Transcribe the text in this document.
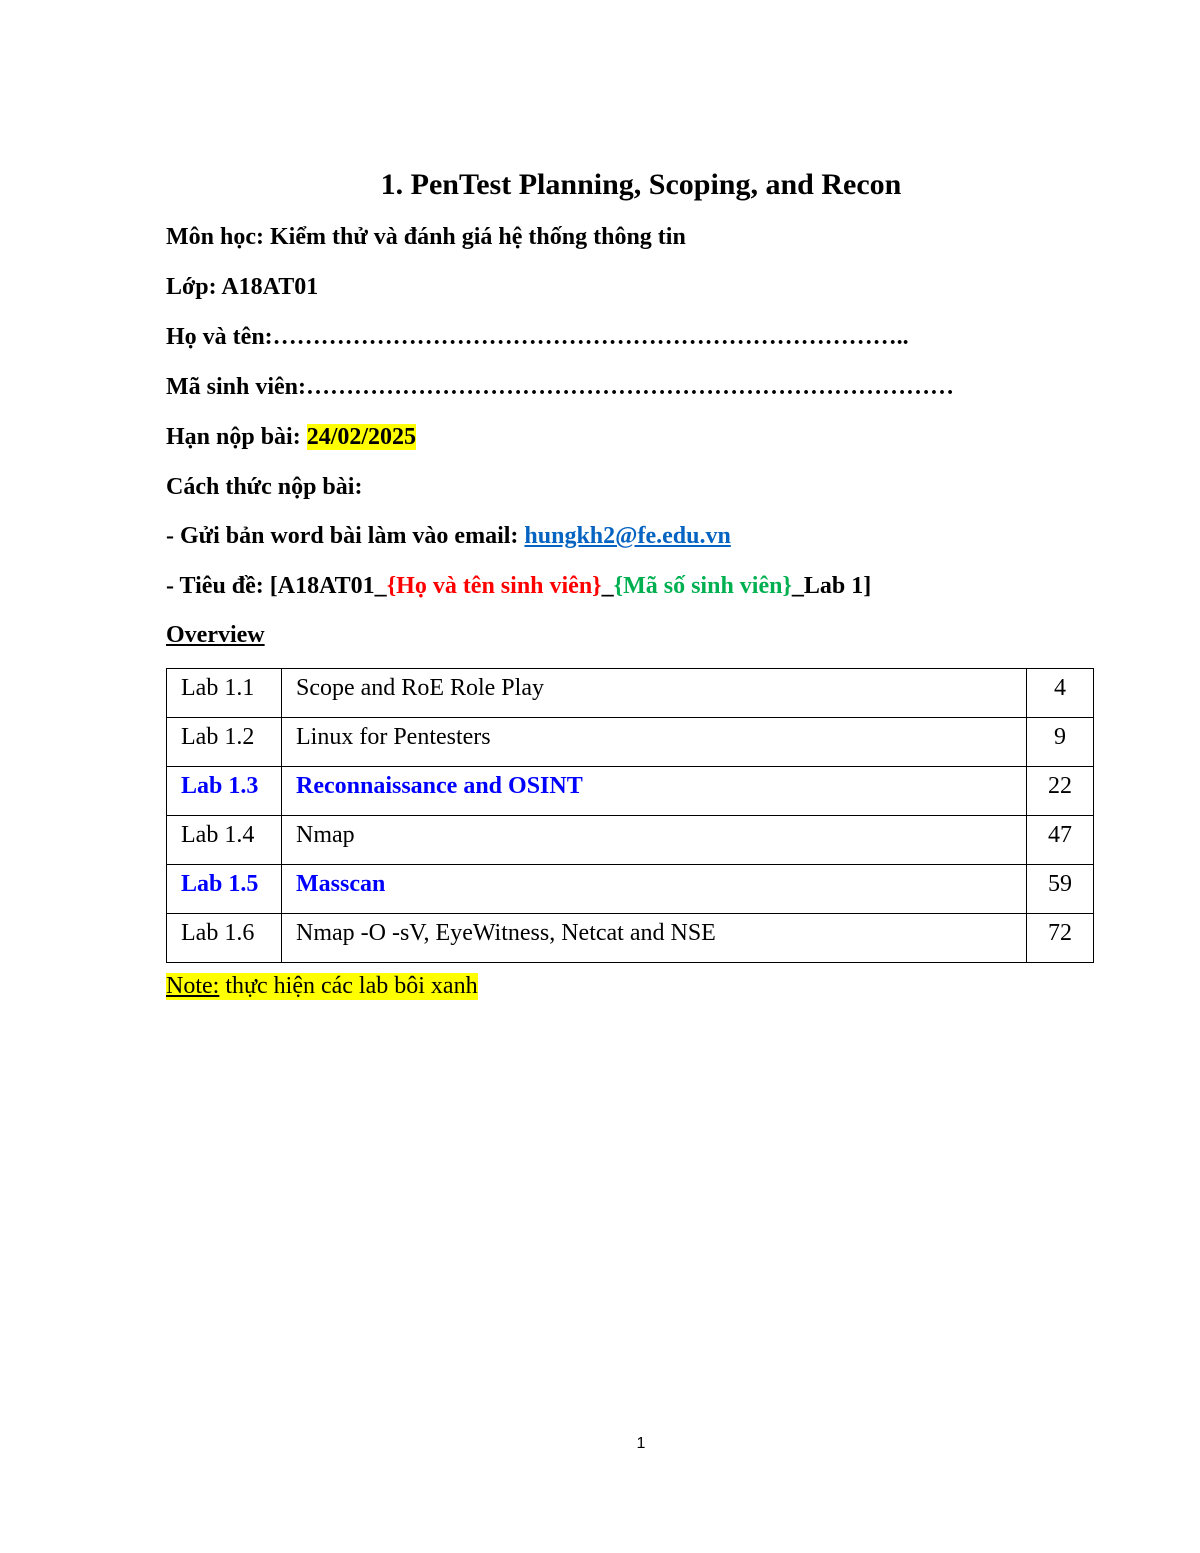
1. PenTest Planning, Scoping, and Recon
Môn học: Kiểm thử và đánh giá hệ thống thông tin
Lớp: A18AT01
Họ và tên:……………………………………………………………………..
Mã sinh viên:………………………………………………………………………
Hạn nộp bài: 24/02/2025
Cách thức nộp bài:
- Gửi bản word bài làm vào email: hungkh2@fe.edu.vn
- Tiêu đề: [A18AT01_{Họ và tên sinh viên}_{Mã số sinh viên}_Lab 1]
Overview
Lab 1.1	Scope and RoE Role Play	4
Lab 1.2	Linux for Pentesters	9
Lab 1.3	Reconnaissance and OSINT	22
Lab 1.4	Nmap	47
Lab 1.5	Masscan	59
Lab 1.6	Nmap -O -sV, EyeWitness, Netcat and NSE	72
Note: thực hiện các lab bôi xanh
1
